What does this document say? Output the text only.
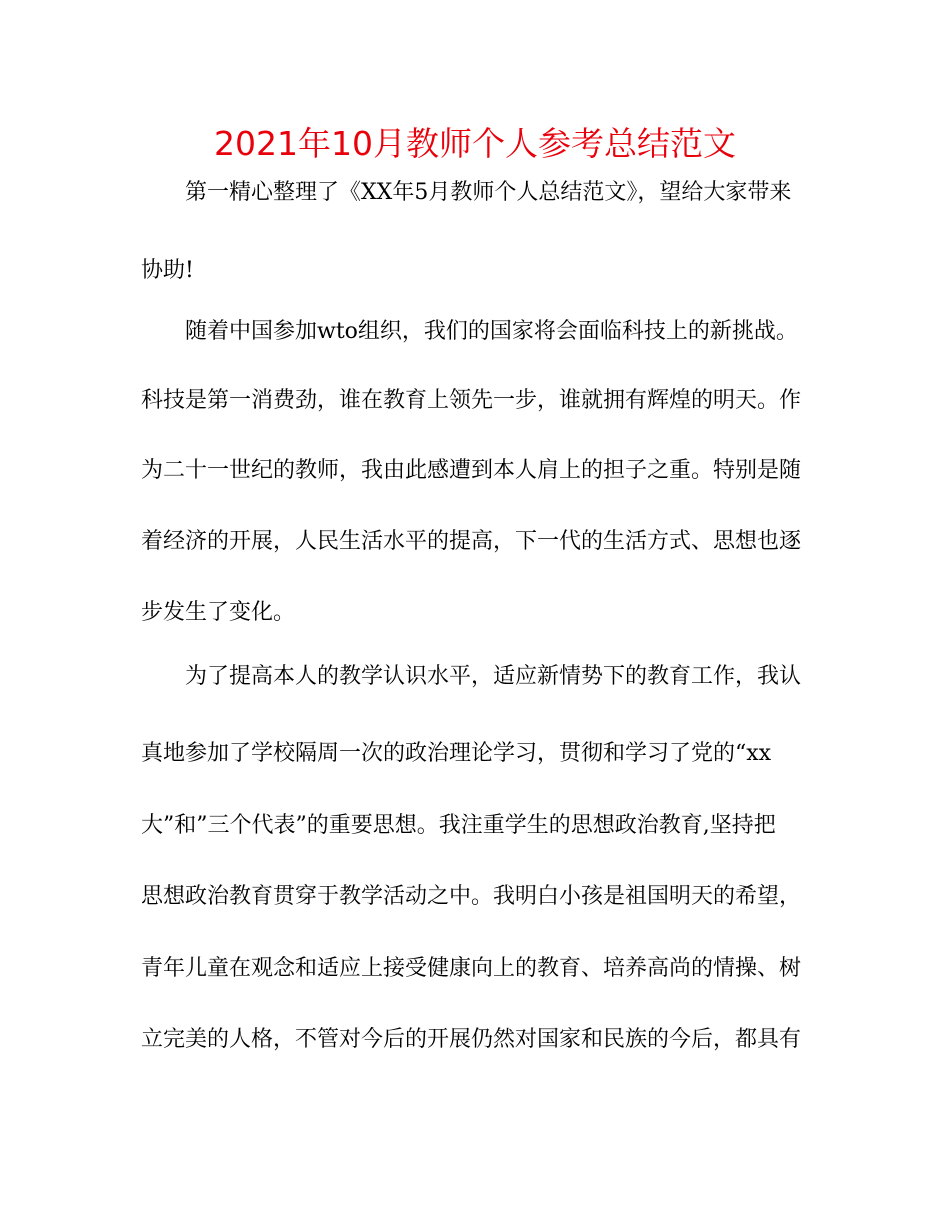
2021年10月教师个人参考总结范文
第一精心整理了《XX年5月教师个人总结范文》，望给大家带来
协助!
随着中国参加wto组织，我们的国家将会面临科技上的新挑战。
科技是第一消费劲，谁在教育上领先一步，谁就拥有辉煌的明天。作
为二十一世纪的教师，我由此感遭到本人肩上的担子之重。特别是随
着经济的开展，人民生活水平的提高，下一代的生活方式、思想也逐
步发生了变化。
为了提高本人的教学认识水平，适应新情势下的教育工作，我认
真地参加了学校隔周一次的政治理论学习，贯彻和学习了党的“xx
大”和”三个代表”的重要思想。我注重学生的思想政治教育,坚持把
思想政治教育贯穿于教学活动之中。我明白小孩是祖国明天的希望，
青年儿童在观念和适应上接受健康向上的教育、培养高尚的情操、树
立完美的人格，不管对今后的开展仍然对国家和民族的今后，都具有
